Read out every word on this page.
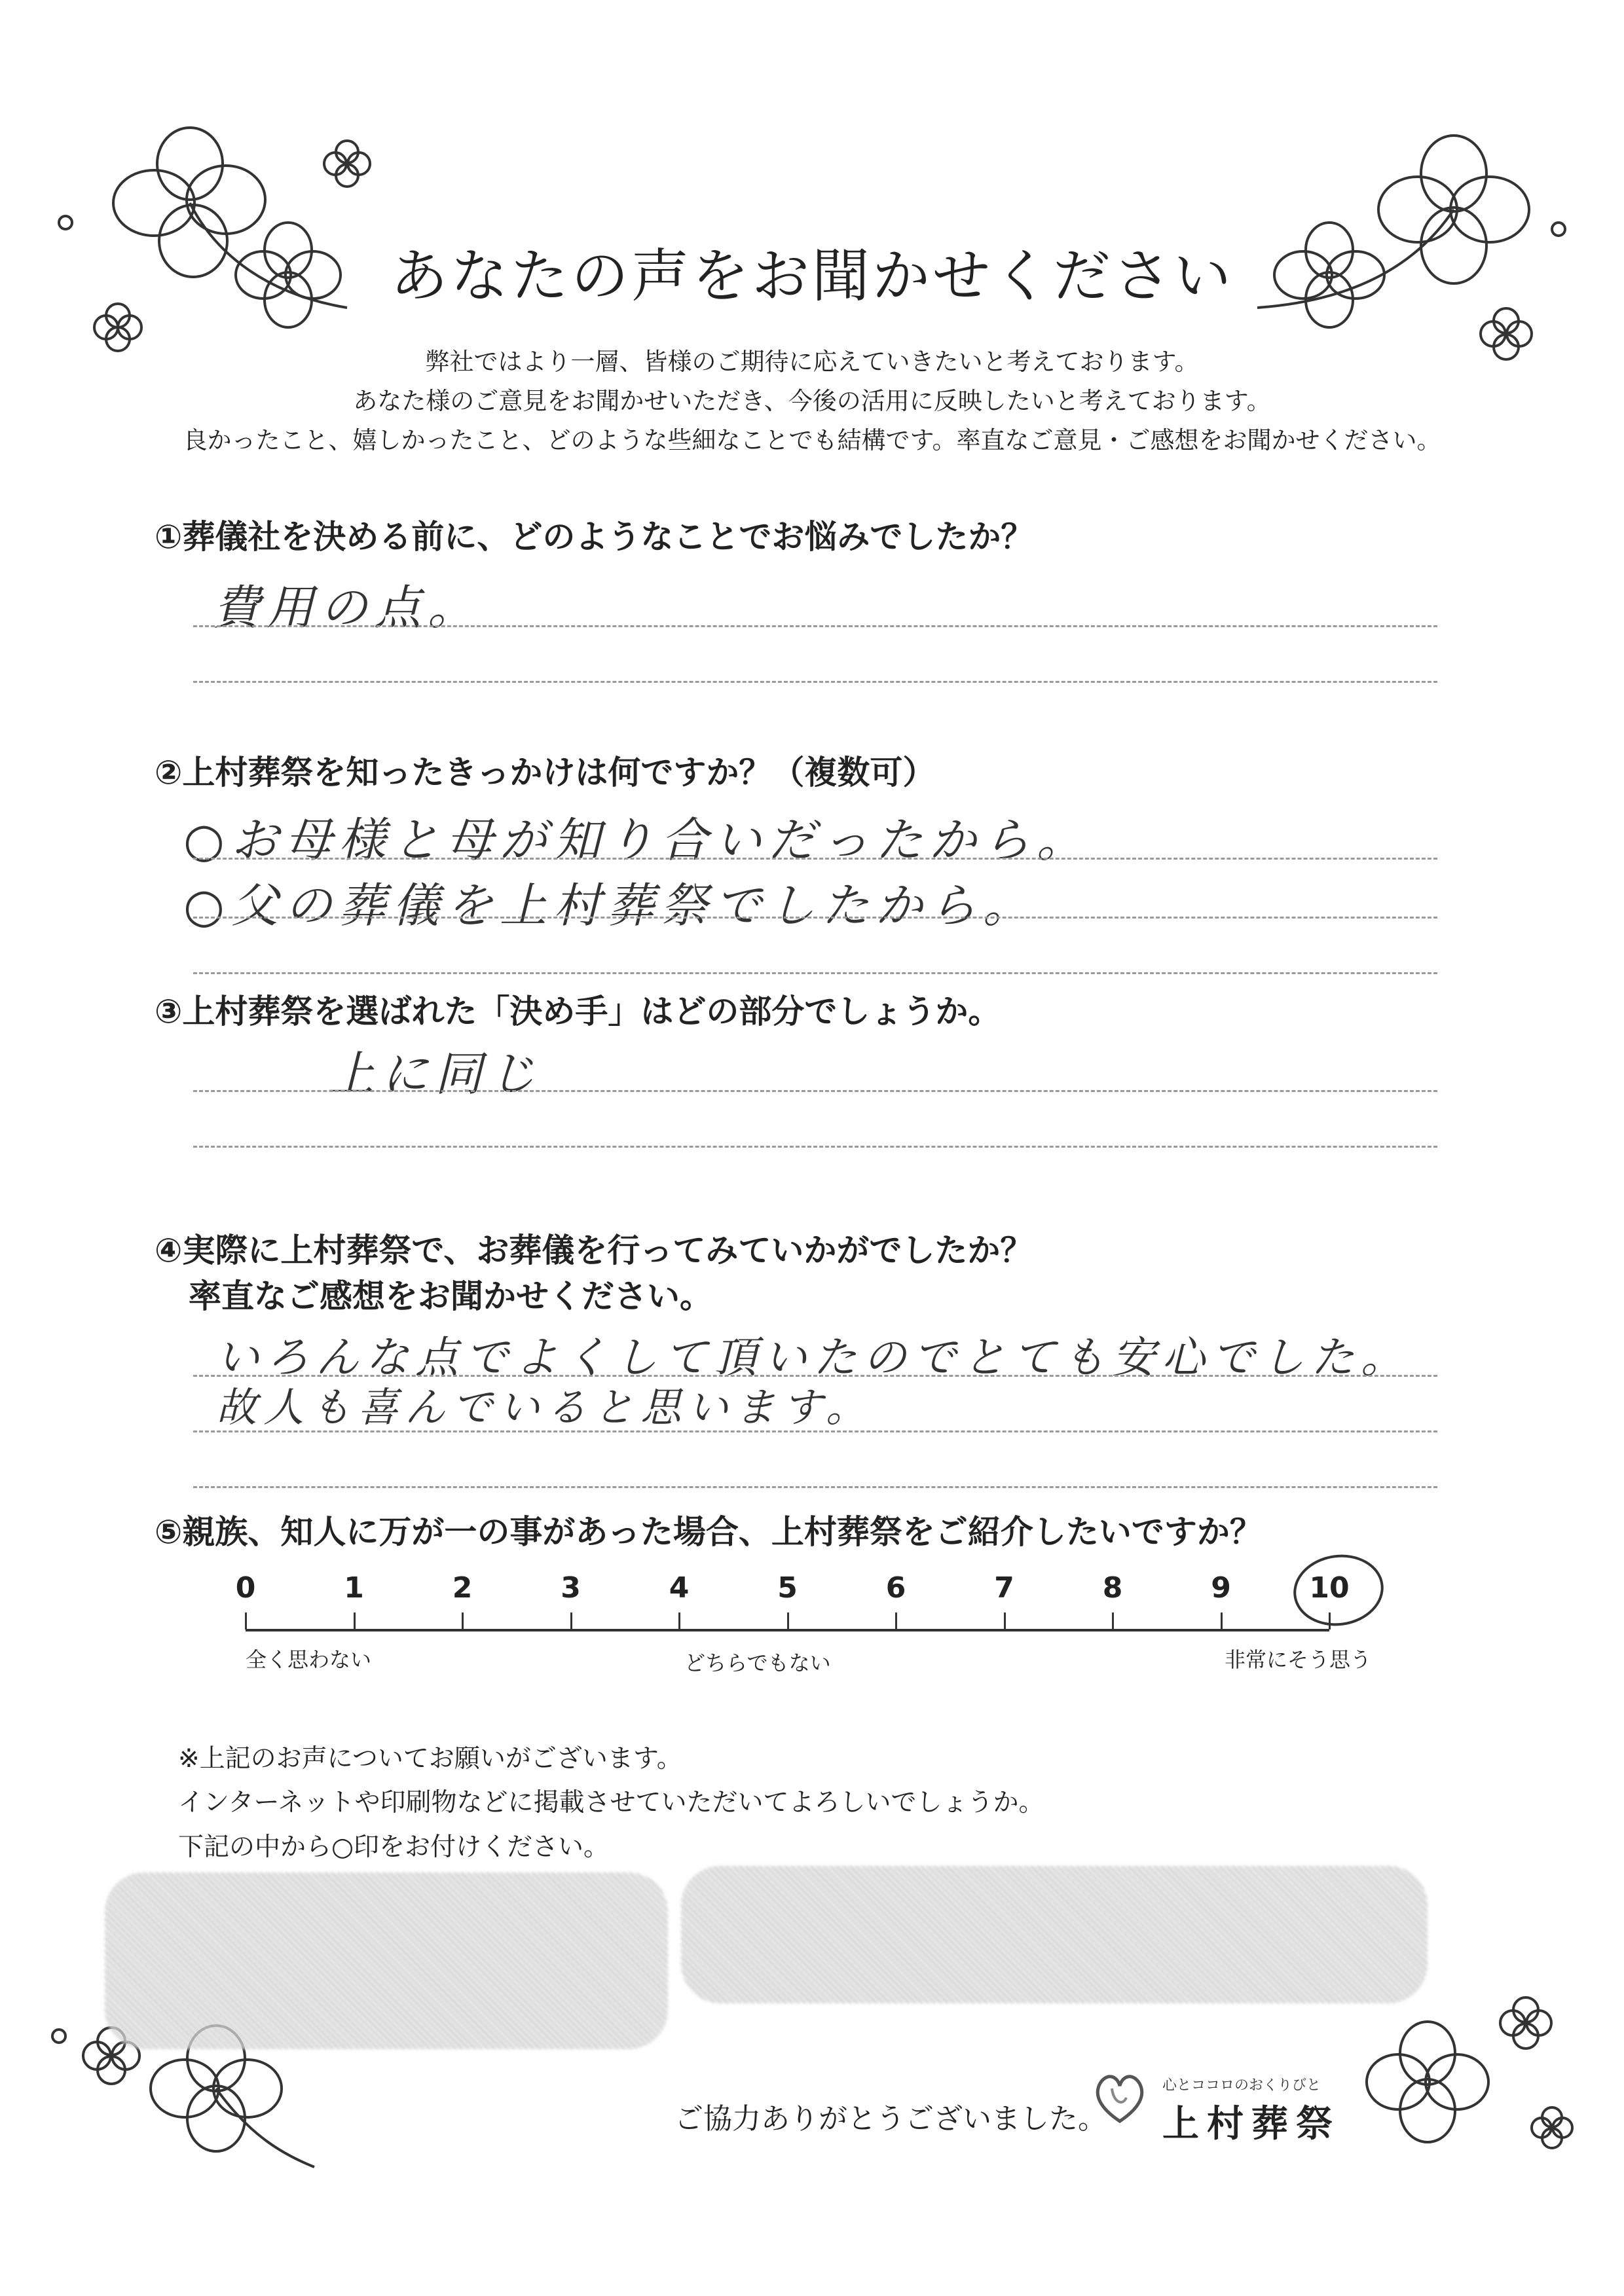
あなたの声をお聞かせください
弊社ではより一層、皆様のご期待に応えていきたいと考えております。
あなた様のご意見をお聞かせいただき、今後の活用に反映したいと考えております。
良かったこと、嬉しかったこと、どのような些細なことでも結構です。率直なご意見・ご感想をお聞かせください。
①葬儀社を決める前に、どのようなことでお悩みでしたか？
費用の点。
②上村葬祭を知ったきっかけは何ですか？（複数可）
○お母様と母が知り合いだったから。
○父の葬儀を上村葬祭でしたから。
③上村葬祭を選ばれた「決め手」はどの部分でしょうか。
上に同じ
④実際に上村葬祭で、お葬儀を行ってみていかがでしたか？
率直なご感想をお聞かせください。
いろんな点でよくして頂いたのでとても安心でした。
故人も喜んでいると思います。
⑤親族、知人に万が一の事があった場合、上村葬祭をご紹介したいですか？
0	1	2	3	4	5	6	7	8	9	10
全く思わない	どちらでもない	非常にそう思う
※上記のお声についてお願いがございます。
インターネットや印刷物などに掲載させていただいてよろしいでしょうか。
下記の中から○印をお付けください。
ご協力ありがとうございました。
心とココロのおくりびと
上村葬祭
